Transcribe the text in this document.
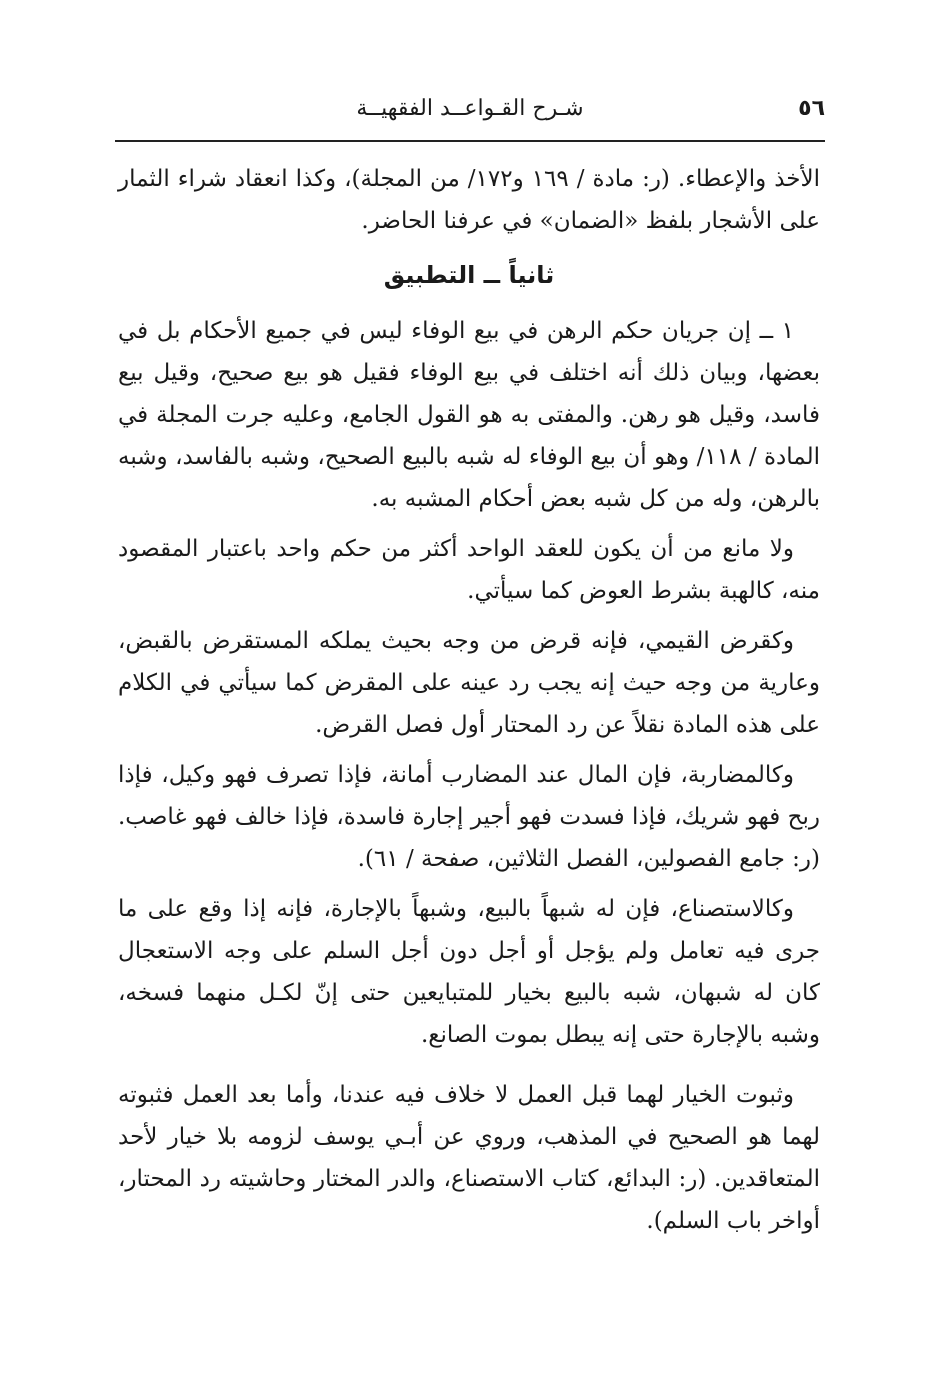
٥٦
شـرح القـواعــد الفقهيــة

الأخذ والإعطاء. (ر: مادة / ١٦٩ و١٧٢/ من المجلة)، وكذا انعقاد شراء الثمار على الأشجار بلفظ «الضمان» في عرفنا الحاضر.

ثانياً ــ التطبيق

١ ــ إن جريان حكم الرهن في بيع الوفاء ليس في جميع الأحكام بل في بعضها، وبيان ذلك أنه اختلف في بيع الوفاء فقيل هو بيع صحيح، وقيل بيع فاسد، وقيل هو رهن. والمفتى به هو القول الجامع، وعليه جرت المجلة في المادة / ١١٨/ وهو أن بيع الوفاء له شبه بالبيع الصحيح، وشبه بالفاسد، وشبه بالرهن، وله من كل شبه بعض أحكام المشبه به.

ولا مانع من أن يكون للعقد الواحد أكثر من حكم واحد باعتبار المقصود منه، كالهبة بشرط العوض كما سيأتي.

وكقرض القيمي، فإنه قرض من وجه بحيث يملكه المستقرض بالقبض، وعارية من وجه حيث إنه يجب رد عينه على المقرض كما سيأتي في الكلام على هذه المادة نقلاً عن رد المحتار أول فصل القرض.

وكالمضاربة، فإن المال عند المضارب أمانة، فإذا تصرف فهو وكيل، فإذا ربح فهو شريك، فإذا فسدت فهو أجير إجارة فاسدة، فإذا خالف فهو غاصب. (ر: جامع الفصولين، الفصل الثلاثين، صفحة / ٦١).

وكالاستصناع، فإن له شبهاً بالبيع، وشبهاً بالإجارة، فإنه إذا وقع على ما جرى فيه تعامل ولم يؤجل أو أجل دون أجل السلم على وجه الاستعجال كان له شبهان، شبه بالبيع بخيار للمتبايعين حتى إنّ لكـل منهما فسخه، وشبه بالإجارة حتى إنه يبطل بموت الصانع.

وثبوت الخيار لهما قبل العمل لا خلاف فيه عندنا، وأما بعد العمل فثبوته لهما هو الصحيح في المذهب، وروي عن أبـي يوسف لزومه بلا خيار لأحد المتعاقدين. (ر: البدائع، كتاب الاستصناع، والدر المختار وحاشيته رد المحتار، أواخر باب السلم).
